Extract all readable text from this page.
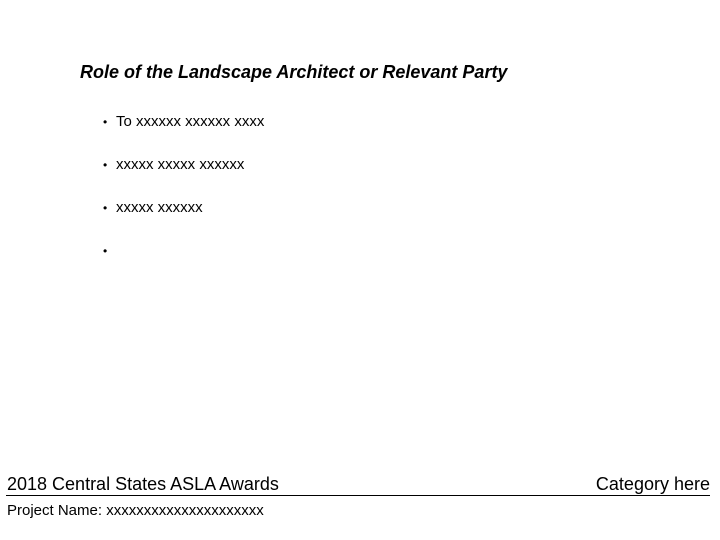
Role of the Landscape Architect or Relevant Party
• To xxxxxx xxxxxx xxxx
• xxxxx xxxxx xxxxxx
• xxxxx xxxxxx
•
2018 Central States ASLA Awards	Category here
Project Name: xxxxxxxxxxxxxxxxxxxxx
